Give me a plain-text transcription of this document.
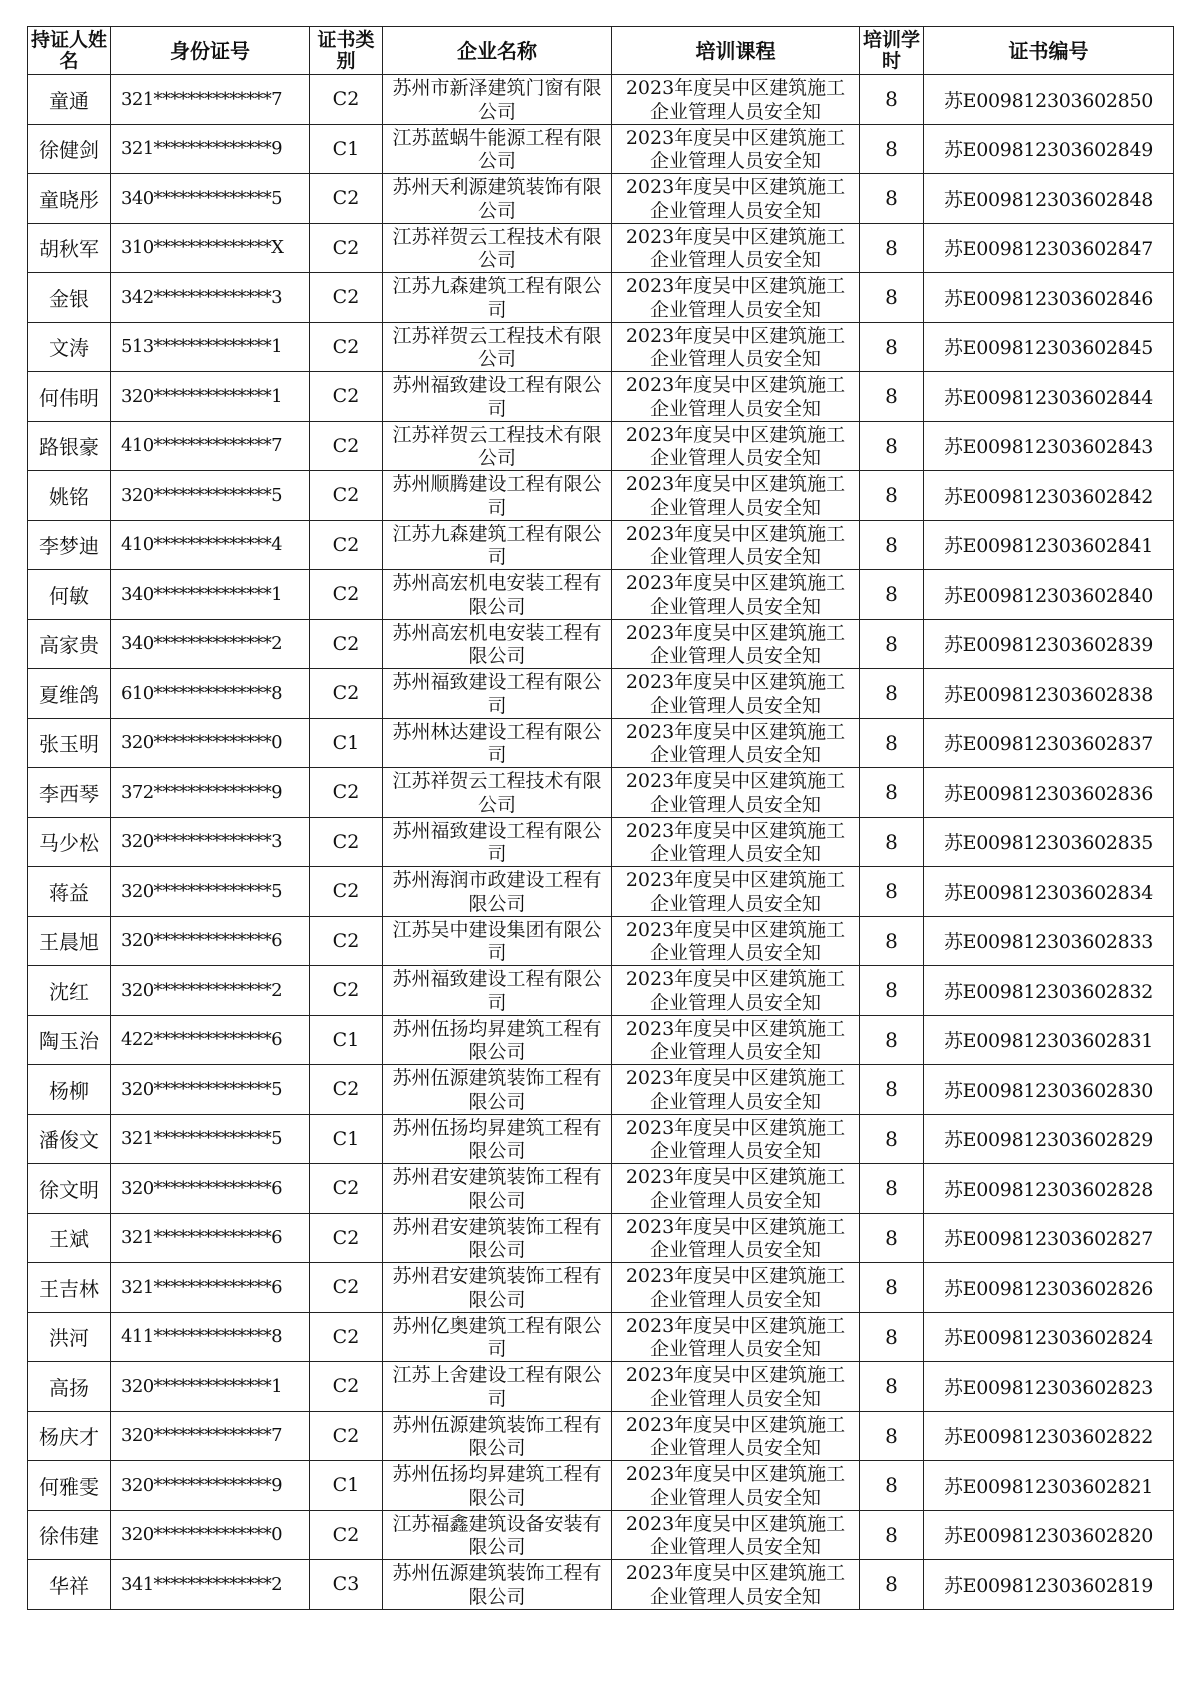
持证人姓名	身份证号	证书类别	企业名称	培训课程	培训学时	证书编号
童通	321**************7	C2	苏州市新泽建筑门窗有限公司	2023年度吴中区建筑施工企业管理人员安全知	8	苏E009812303602850
徐健剑	321**************9	C1	江苏蓝蜗牛能源工程有限公司	2023年度吴中区建筑施工企业管理人员安全知	8	苏E009812303602849
童晓彤	340**************5	C2	苏州天利源建筑装饰有限公司	2023年度吴中区建筑施工企业管理人员安全知	8	苏E009812303602848
胡秋军	310**************X	C2	江苏祥贺云工程技术有限公司	2023年度吴中区建筑施工企业管理人员安全知	8	苏E009812303602847
金银	342**************3	C2	江苏九森建筑工程有限公司	2023年度吴中区建筑施工企业管理人员安全知	8	苏E009812303602846
文涛	513**************1	C2	江苏祥贺云工程技术有限公司	2023年度吴中区建筑施工企业管理人员安全知	8	苏E009812303602845
何伟明	320**************1	C2	苏州福致建设工程有限公司	2023年度吴中区建筑施工企业管理人员安全知	8	苏E009812303602844
路银豪	410**************7	C2	江苏祥贺云工程技术有限公司	2023年度吴中区建筑施工企业管理人员安全知	8	苏E009812303602843
姚铭	320**************5	C2	苏州顺腾建设工程有限公司	2023年度吴中区建筑施工企业管理人员安全知	8	苏E009812303602842
李梦迪	410**************4	C2	江苏九森建筑工程有限公司	2023年度吴中区建筑施工企业管理人员安全知	8	苏E009812303602841
何敏	340**************1	C2	苏州高宏机电安装工程有限公司	2023年度吴中区建筑施工企业管理人员安全知	8	苏E009812303602840
高家贵	340**************2	C2	苏州高宏机电安装工程有限公司	2023年度吴中区建筑施工企业管理人员安全知	8	苏E009812303602839
夏维鸽	610**************8	C2	苏州福致建设工程有限公司	2023年度吴中区建筑施工企业管理人员安全知	8	苏E009812303602838
张玉明	320**************0	C1	苏州林达建设工程有限公司	2023年度吴中区建筑施工企业管理人员安全知	8	苏E009812303602837
李西琴	372**************9	C2	江苏祥贺云工程技术有限公司	2023年度吴中区建筑施工企业管理人员安全知	8	苏E009812303602836
马少松	320**************3	C2	苏州福致建设工程有限公司	2023年度吴中区建筑施工企业管理人员安全知	8	苏E009812303602835
蒋益	320**************5	C2	苏州海润市政建设工程有限公司	2023年度吴中区建筑施工企业管理人员安全知	8	苏E009812303602834
王晨旭	320**************6	C2	江苏吴中建设集团有限公司	2023年度吴中区建筑施工企业管理人员安全知	8	苏E009812303602833
沈红	320**************2	C2	苏州福致建设工程有限公司	2023年度吴中区建筑施工企业管理人员安全知	8	苏E009812303602832
陶玉治	422**************6	C1	苏州伍扬均昇建筑工程有限公司	2023年度吴中区建筑施工企业管理人员安全知	8	苏E009812303602831
杨柳	320**************5	C2	苏州伍源建筑装饰工程有限公司	2023年度吴中区建筑施工企业管理人员安全知	8	苏E009812303602830
潘俊文	321**************5	C1	苏州伍扬均昇建筑工程有限公司	2023年度吴中区建筑施工企业管理人员安全知	8	苏E009812303602829
徐文明	320**************6	C2	苏州君安建筑装饰工程有限公司	2023年度吴中区建筑施工企业管理人员安全知	8	苏E009812303602828
王斌	321**************6	C2	苏州君安建筑装饰工程有限公司	2023年度吴中区建筑施工企业管理人员安全知	8	苏E009812303602827
王吉林	321**************6	C2	苏州君安建筑装饰工程有限公司	2023年度吴中区建筑施工企业管理人员安全知	8	苏E009812303602826
洪河	411**************8	C2	苏州亿奥建筑工程有限公司	2023年度吴中区建筑施工企业管理人员安全知	8	苏E009812303602824
高扬	320**************1	C2	江苏上舍建设工程有限公司	2023年度吴中区建筑施工企业管理人员安全知	8	苏E009812303602823
杨庆才	320**************7	C2	苏州伍源建筑装饰工程有限公司	2023年度吴中区建筑施工企业管理人员安全知	8	苏E009812303602822
何雅雯	320**************9	C1	苏州伍扬均昇建筑工程有限公司	2023年度吴中区建筑施工企业管理人员安全知	8	苏E009812303602821
徐伟建	320**************0	C2	江苏福鑫建筑设备安装有限公司	2023年度吴中区建筑施工企业管理人员安全知	8	苏E009812303602820
华祥	341**************2	C3	苏州伍源建筑装饰工程有限公司	2023年度吴中区建筑施工企业管理人员安全知	8	苏E009812303602819
